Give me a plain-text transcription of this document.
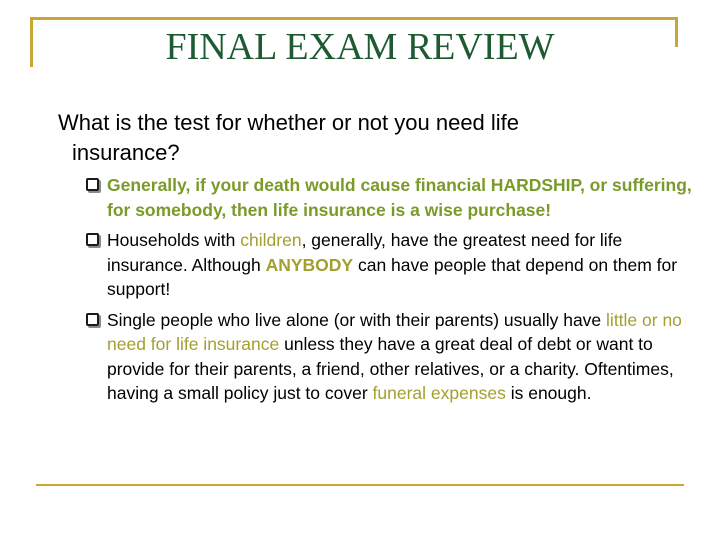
FINAL EXAM REVIEW
What is the test for whether or not you need life
insurance?
Generally, if your death would cause financial HARDSHIP, or suffering, for somebody, then life insurance is a wise purchase!
Households with children, generally, have the greatest need for life insurance. Although ANYBODY can have people that depend on them for support!
Single people who live alone (or with their parents) usually have little or no need for life insurance unless they have a great deal of debt or want to provide for their parents, a friend, other relatives, or a charity. Oftentimes, having a small policy just to cover funeral expenses is enough.
